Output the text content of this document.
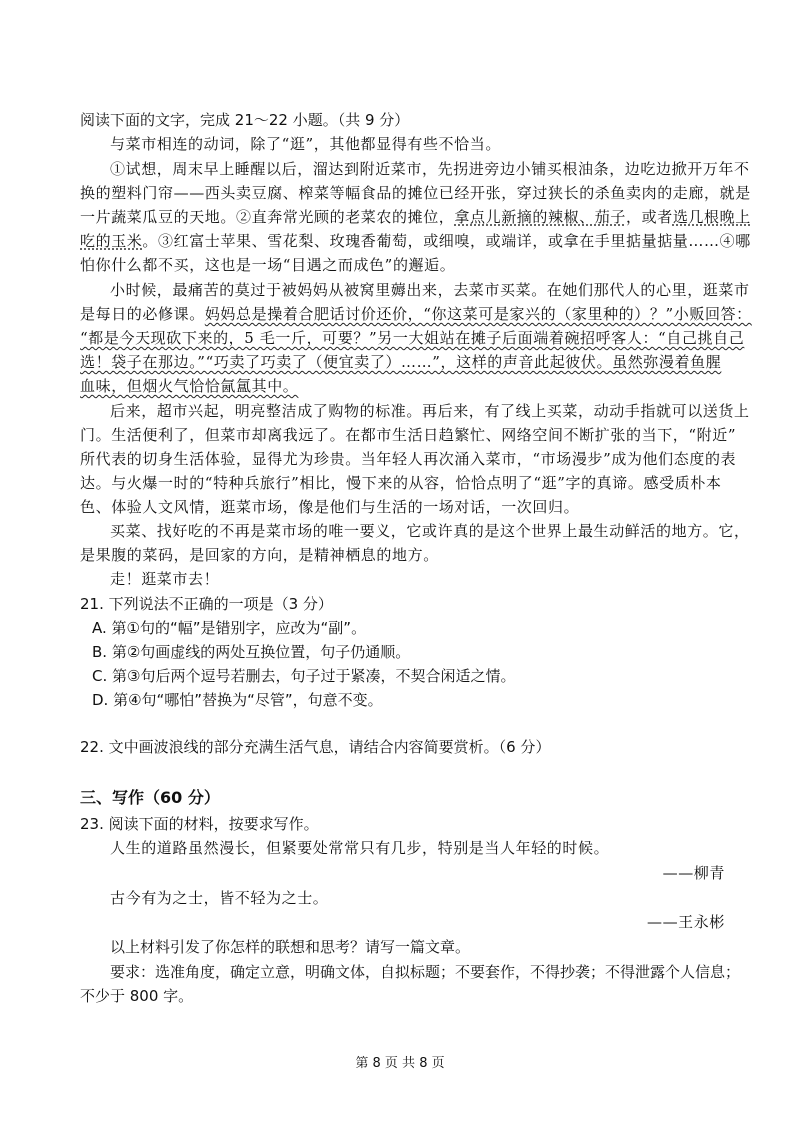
阅读下面的文字，完成 21～22 小题。（共 9 分）
与菜市相连的动词，除了“逛”，其他都显得有些不恰当。
①试想，周末早上睡醒以后，溜达到附近菜市，先拐进旁边小铺买根油条，边吃边掀开万年不
换的塑料门帘——西头卖豆腐、榨菜等幅食品的摊位已经开张，穿过狭长的杀鱼卖肉的走廊，就是
一片蔬菜瓜豆的天地。②直奔常光顾的老菜农的摊位，拿点儿新摘的辣椒、茄子，或者选几根晚上
吃的玉米。③红富士苹果、雪花梨、玫瑰香葡萄，或细嗅，或端详，或拿在手里掂量掂量……④哪
怕你什么都不买，这也是一场“目遇之而成色”的邂逅。
小时候，最痛苦的莫过于被妈妈从被窝里薅出来，去菜市买菜。在她们那代人的心里，逛菜市
是每日的必修课。妈妈总是操着合肥话讨价还价，“你这菜可是家兴的（家里种的）？”小贩回答：
“都是今天现砍下来的，5 毛一斤，可要？”另一大姐站在摊子后面端着碗招呼客人：“自己挑自己
选！袋子在那边。”“巧卖了巧卖了（便宜卖了）……”，这样的声音此起彼伏。虽然弥漫着鱼腥
血味，但烟火气恰恰氤氲其中。
后来，超市兴起，明亮整洁成了购物的标准。再后来，有了线上买菜，动动手指就可以送货上
门。生活便利了，但菜市却离我远了。在都市生活日趋繁忙、网络空间不断扩张的当下，“附近”
所代表的切身生活体验，显得尤为珍贵。当年轻人再次涌入菜市，“市场漫步”成为他们态度的表
达。与火爆一时的“特种兵旅行”相比，慢下来的从容，恰恰点明了“逛”字的真谛。感受质朴本
色、体验人文风情，逛菜市场，像是他们与生活的一场对话，一次回归。
买菜、找好吃的不再是菜市场的唯一要义，它或许真的是这个世界上最生动鲜活的地方。它，
是果腹的菜码，是回家的方向，是精神栖息的地方。
走！逛菜市去！
21. 下列说法不正确的一项是（3 分）
A. 第①句的“幅”是错别字，应改为“副”。
B. 第②句画虚线的两处互换位置，句子仍通顺。
C. 第③句后两个逗号若删去，句子过于紧凑，不契合闲适之情。
D. 第④句“哪怕”替换为“尽管”，句意不变。
22. 文中画波浪线的部分充满生活气息，请结合内容简要赏析。（6 分）
三、写作（60 分）
23. 阅读下面的材料，按要求写作。
人生的道路虽然漫长，但紧要处常常只有几步，特别是当人年轻的时候。
——柳青
古今有为之士，皆不轻为之士。
——王永彬
以上材料引发了你怎样的联想和思考？请写一篇文章。
要求：选准角度，确定立意，明确文体，自拟标题；不要套作，不得抄袭；不得泄露个人信息；
不少于 800 字。
第 8 页 共 8 页
